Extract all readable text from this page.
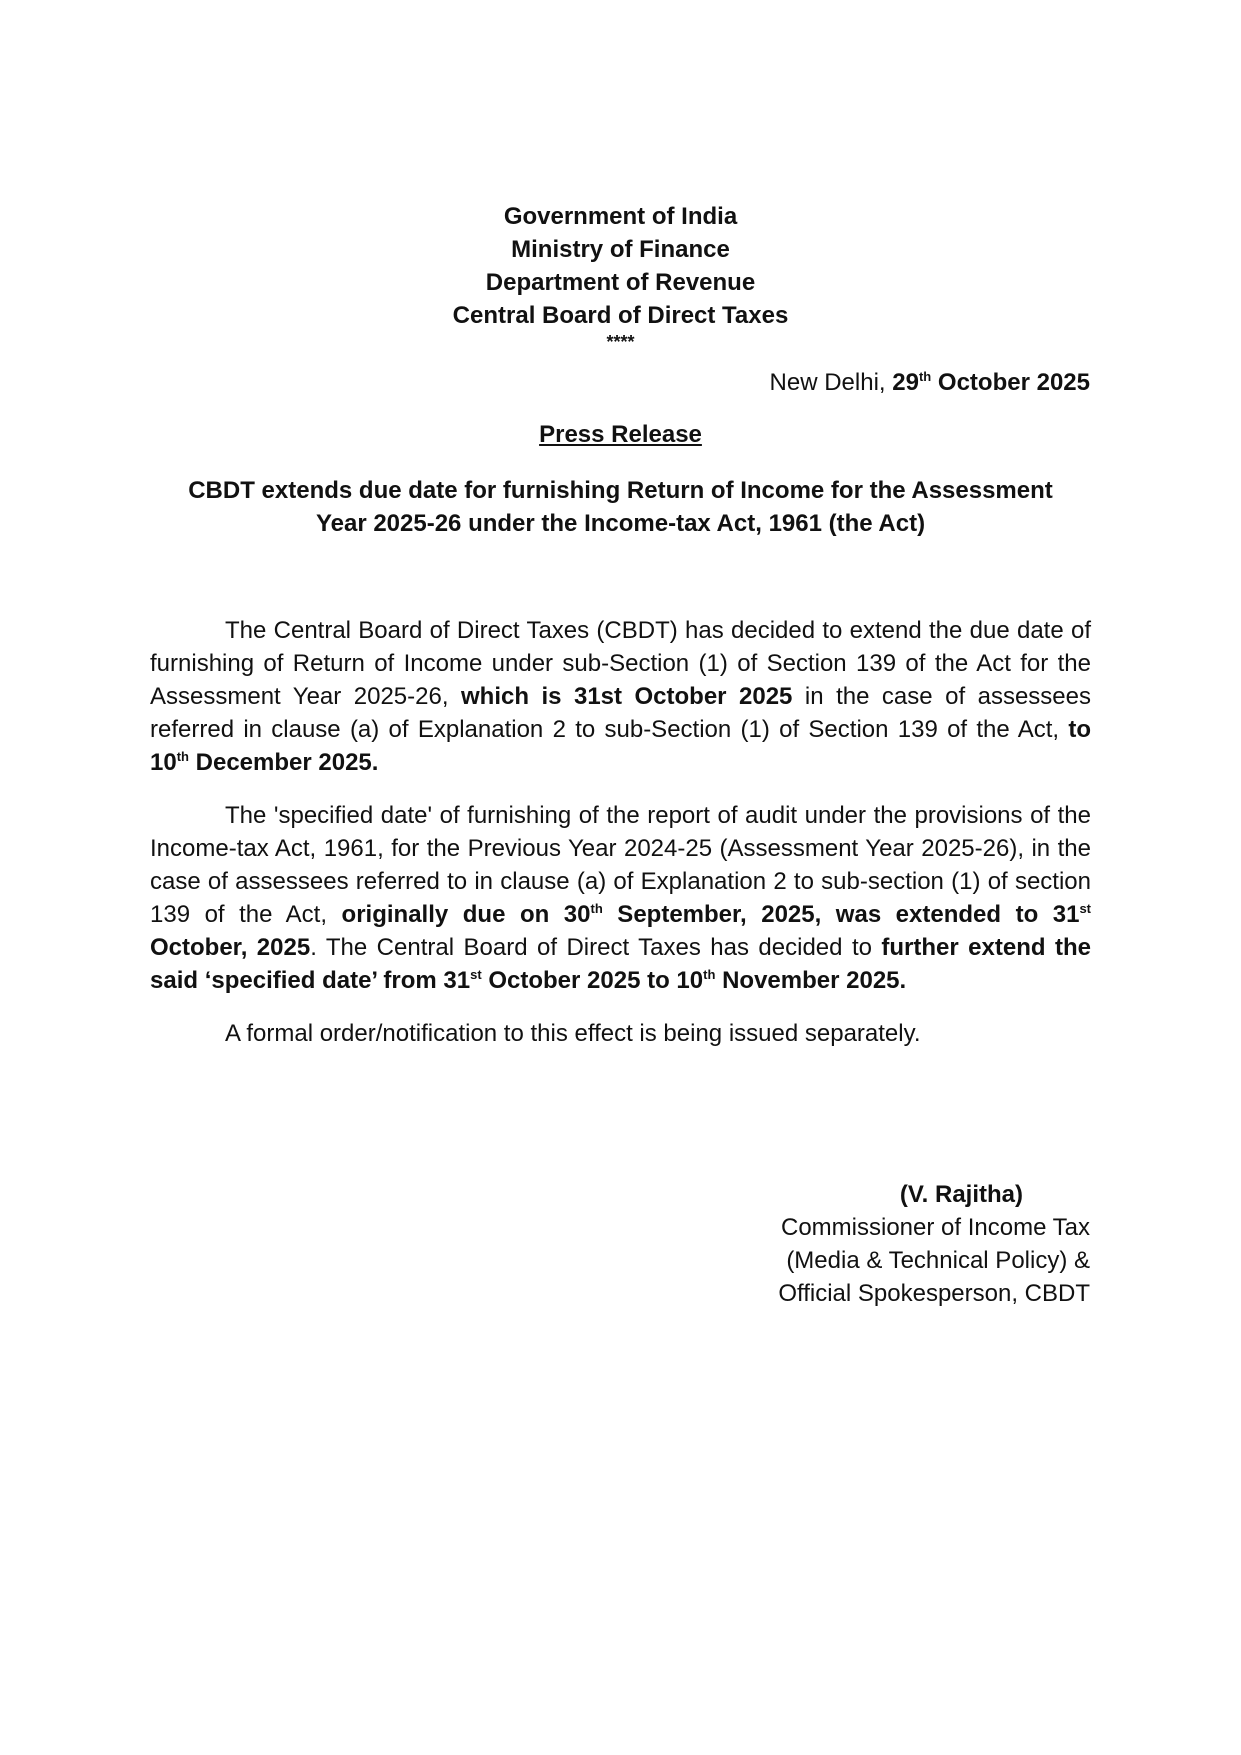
Government of India
Ministry of Finance
Department of Revenue
Central Board of Direct Taxes
****
New Delhi, 29th October 2025
Press Release
CBDT extends due date for furnishing Return of Income for the Assessment
Year 2025-26 under the Income-tax Act, 1961 (the Act)

The Central Board of Direct Taxes (CBDT) has decided to extend the due date of furnishing of Return of Income under sub-Section (1) of Section 139 of the Act for the Assessment Year 2025-26, which is 31st October 2025 in the case of assessees referred in clause (a) of Explanation 2 to sub-Section (1) of Section 139 of the Act, to 10th December 2025.

The 'specified date' of furnishing of the report of audit under the provisions of the Income-tax Act, 1961, for the Previous Year 2024-25 (Assessment Year 2025-26), in the case of assessees referred to in clause (a) of Explanation 2 to sub-section (1) of section 139 of the Act, originally due on 30th September, 2025, was extended to 31st October, 2025. The Central Board of Direct Taxes has decided to further extend the said ‘specified date’ from 31st October 2025 to 10th November 2025.

A formal order/notification to this effect is being issued separately.

(V. Rajitha)
Commissioner of Income Tax
(Media & Technical Policy) &
Official Spokesperson, CBDT
